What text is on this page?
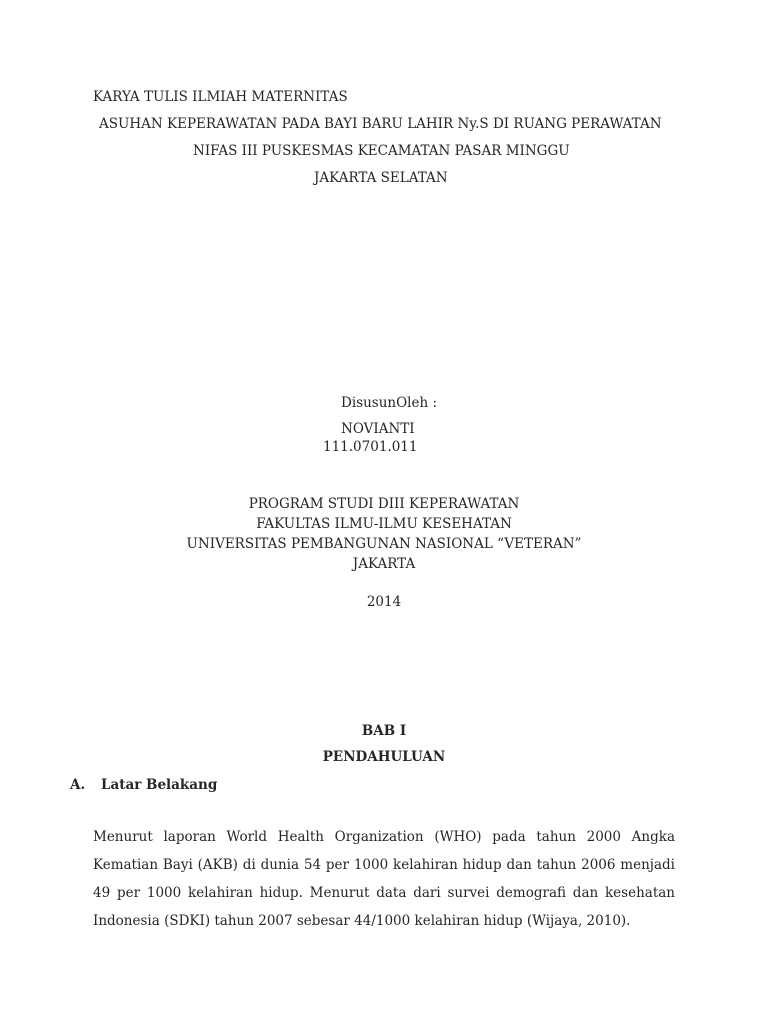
KARYA TULIS ILMIAH MATERNITAS
ASUHAN KEPERAWATAN PADA BAYI BARU LAHIR Ny.S DI RUANG PERAWATAN
NIFAS III PUSKESMAS KECAMATAN PASAR MINGGU
JAKARTA SELATAN
DisusunOleh :
NOVIANTI
111.0701.011
PROGRAM STUDI DIII KEPERAWATAN
FAKULTAS ILMU-ILMU KESEHATAN
UNIVERSITAS PEMBANGUNAN NASIONAL “VETERAN”
JAKARTA
2014
BAB I
PENDAHULUAN
A. Latar Belakang

Menurut laporan World Health Organization (WHO) pada tahun 2000 Angka Kematian Bayi (AKB) di dunia 54 per 1000 kelahiran hidup dan tahun 2006 menjadi 49 per 1000 kelahiran hidup. Menurut data dari survei demografi dan kesehatan Indonesia (SDKI) tahun 2007 sebesar 44/1000 kelahiran hidup (Wijaya, 2010).
